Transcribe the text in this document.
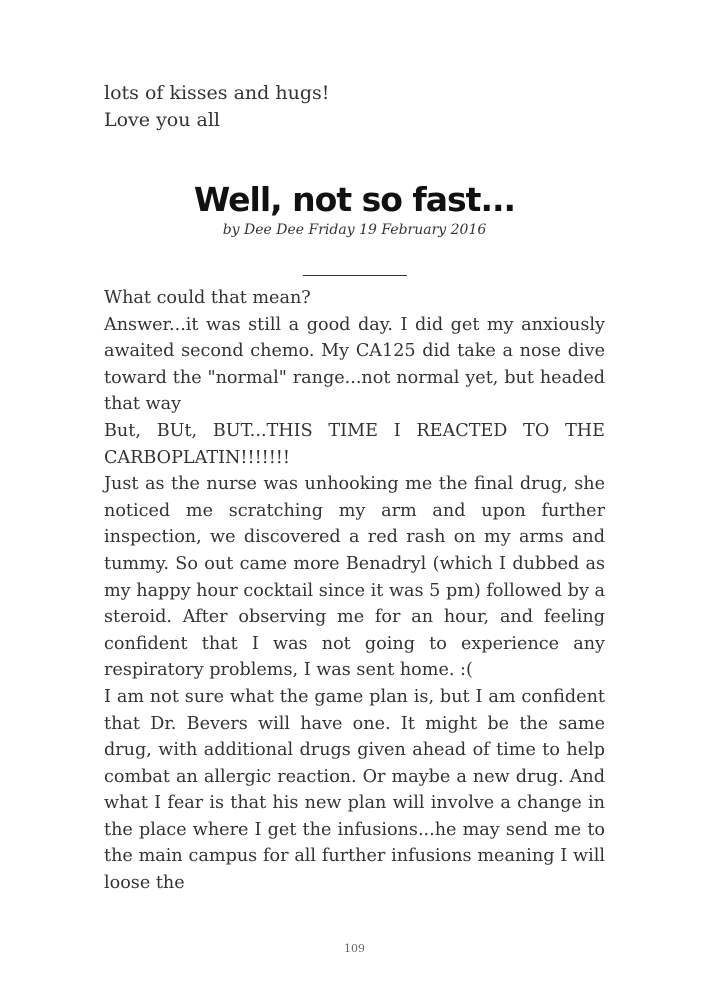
lots of kisses and hugs!

Love you all

Well, not so fast...
by Dee Dee Friday 19 February 2016

What could that mean?

Answer...it was still a good day. I did get my anxiously awaited second chemo. My CA125 did take a nose dive toward the "normal" range...not normal yet, but headed that way

But, BUt, BUT...THIS TIME I REACTED TO THE CARBOPLATIN!!!!!!!

Just as the nurse was unhooking me the final drug, she noticed me scratching my arm and upon further inspection, we discovered a red rash on my arms and tummy. So out came more Benadryl (which I dubbed as my happy hour cocktail since it was 5 pm) followed by a steroid. After observing me for an hour, and feeling confident that I was not going to experience any respiratory problems, I was sent home. :(

I am not sure what the game plan is, but I am confident that Dr. Bevers will have one. It might be the same drug, with additional drugs given ahead of time to help combat an allergic reaction. Or maybe a new drug. And what I fear is that his new plan will involve a change in the place where I get the infusions...he may send me to the main campus for all further infusions meaning I will loose the

109
